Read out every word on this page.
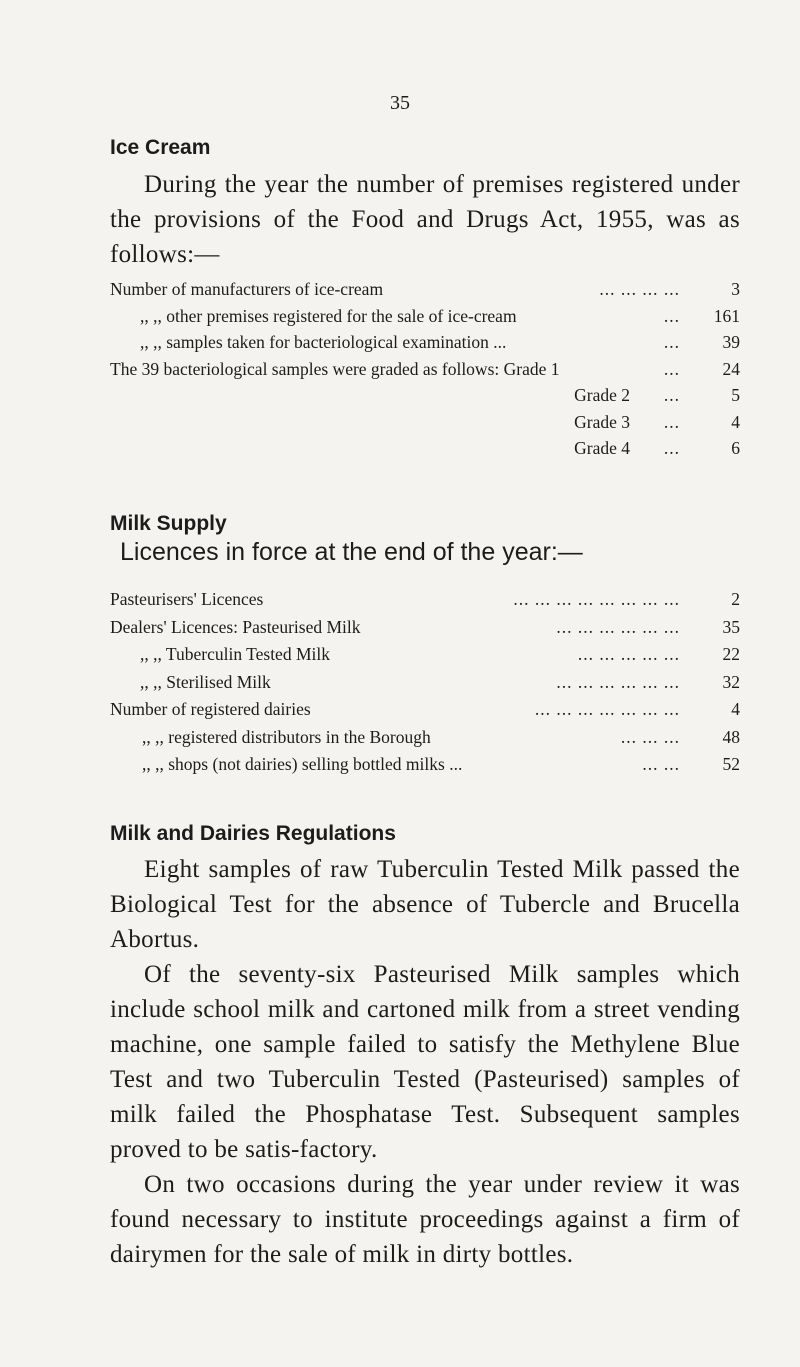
35
Ice Cream
During the year the number of premises registered under the provisions of the Food and Drugs Act, 1955, was as follows:—
Number of manufacturers of ice-cream	... ... ... ...	3
,, ,, other premises registered for the sale of ice-cream	...	161
,, ,, samples taken for bacteriological examination ...	...	39
The 39 bacteriological samples were graded as follows: Grade 1	...	24
Grade 2 ...	5
Grade 3 ...	4
Grade 4 ...	6
Milk Supply
Licences in force at the end of the year:—
Pasteurisers' Licences	... ... ... ... ... ... ... ...	2
Dealers' Licences: Pasteurised Milk	... ... ... ... ... ...	35
,, ,, Tuberculin Tested Milk	... ... ... ... ...	22
,, ,, Sterilised Milk	... ... ... ... ... ...	32
Number of registered dairies	... ... ... ... ... ... ...	4
,, ,, registered distributors in the Borough	... ... ...	48
,, ,, shops (not dairies) selling bottled milks ...	... ...	52
Milk and Dairies Regulations
Eight samples of raw Tuberculin Tested Milk passed the Biological Test for the absence of Tubercle and Brucella Abortus.
Of the seventy-six Pasteurised Milk samples which include school milk and cartoned milk from a street vending machine, one sample failed to satisfy the Methylene Blue Test and two Tuberculin Tested (Pasteurised) samples of milk failed the Phosphatase Test. Subsequent samples proved to be satis-factory.
On two occasions during the year under review it was found necessary to institute proceedings against a firm of dairymen for the sale of milk in dirty bottles.
